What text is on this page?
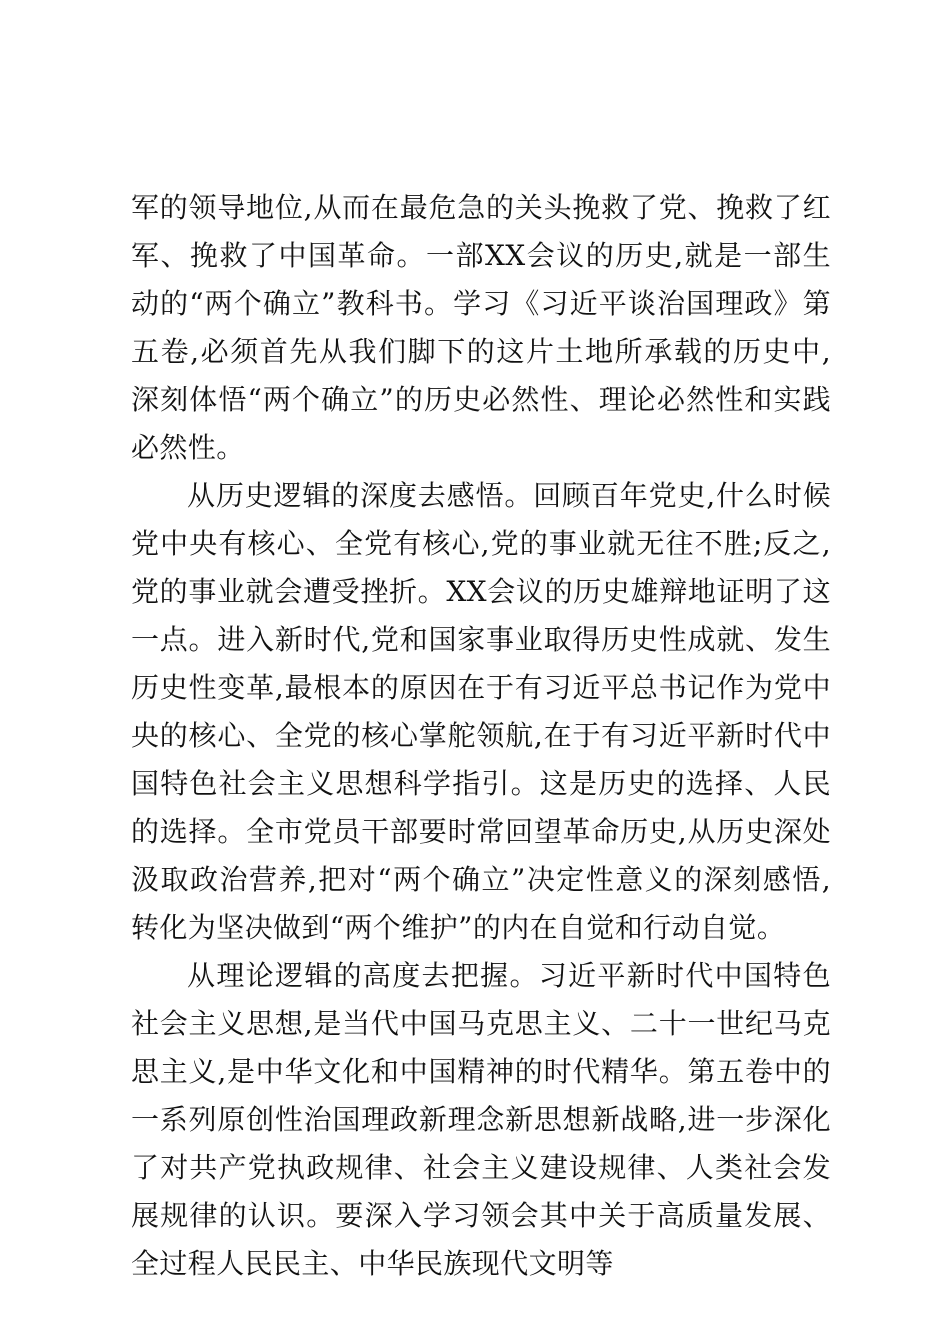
军的领导地位,从而在最危急的关头挽救了党、挽救了红军、挽救了中国革命。一部XX会议的历史,就是一部生动的“两个确立”教科书。学习《习近平谈治国理政》第五卷,必须首先从我们脚下的这片土地所承载的历史中,深刻体悟“两个确立”的历史必然性、理论必然性和实践必然性。

从历史逻辑的深度去感悟。回顾百年党史,什么时候党中央有核心、全党有核心,党的事业就无往不胜;反之,党的事业就会遭受挫折。XX会议的历史雄辩地证明了这一点。进入新时代,党和国家事业取得历史性成就、发生历史性变革,最根本的原因在于有习近平总书记作为党中央的核心、全党的核心掌舵领航,在于有习近平新时代中国特色社会主义思想科学指引。这是历史的选择、人民的选择。全市党员干部要时常回望革命历史,从历史深处汲取政治营养,把对“两个确立”决定性意义的深刻感悟,转化为坚决做到“两个维护”的内在自觉和行动自觉。

从理论逻辑的高度去把握。习近平新时代中国特色社会主义思想,是当代中国马克思主义、二十一世纪马克思主义,是中华文化和中国精神的时代精华。第五卷中的一系列原创性治国理政新理念新思想新战略,进一步深化了对共产党执政规律、社会主义建设规律、人类社会发展规律的认识。要深入学习领会其中关于高质量发展、全过程人民民主、中华民族现代文明等
